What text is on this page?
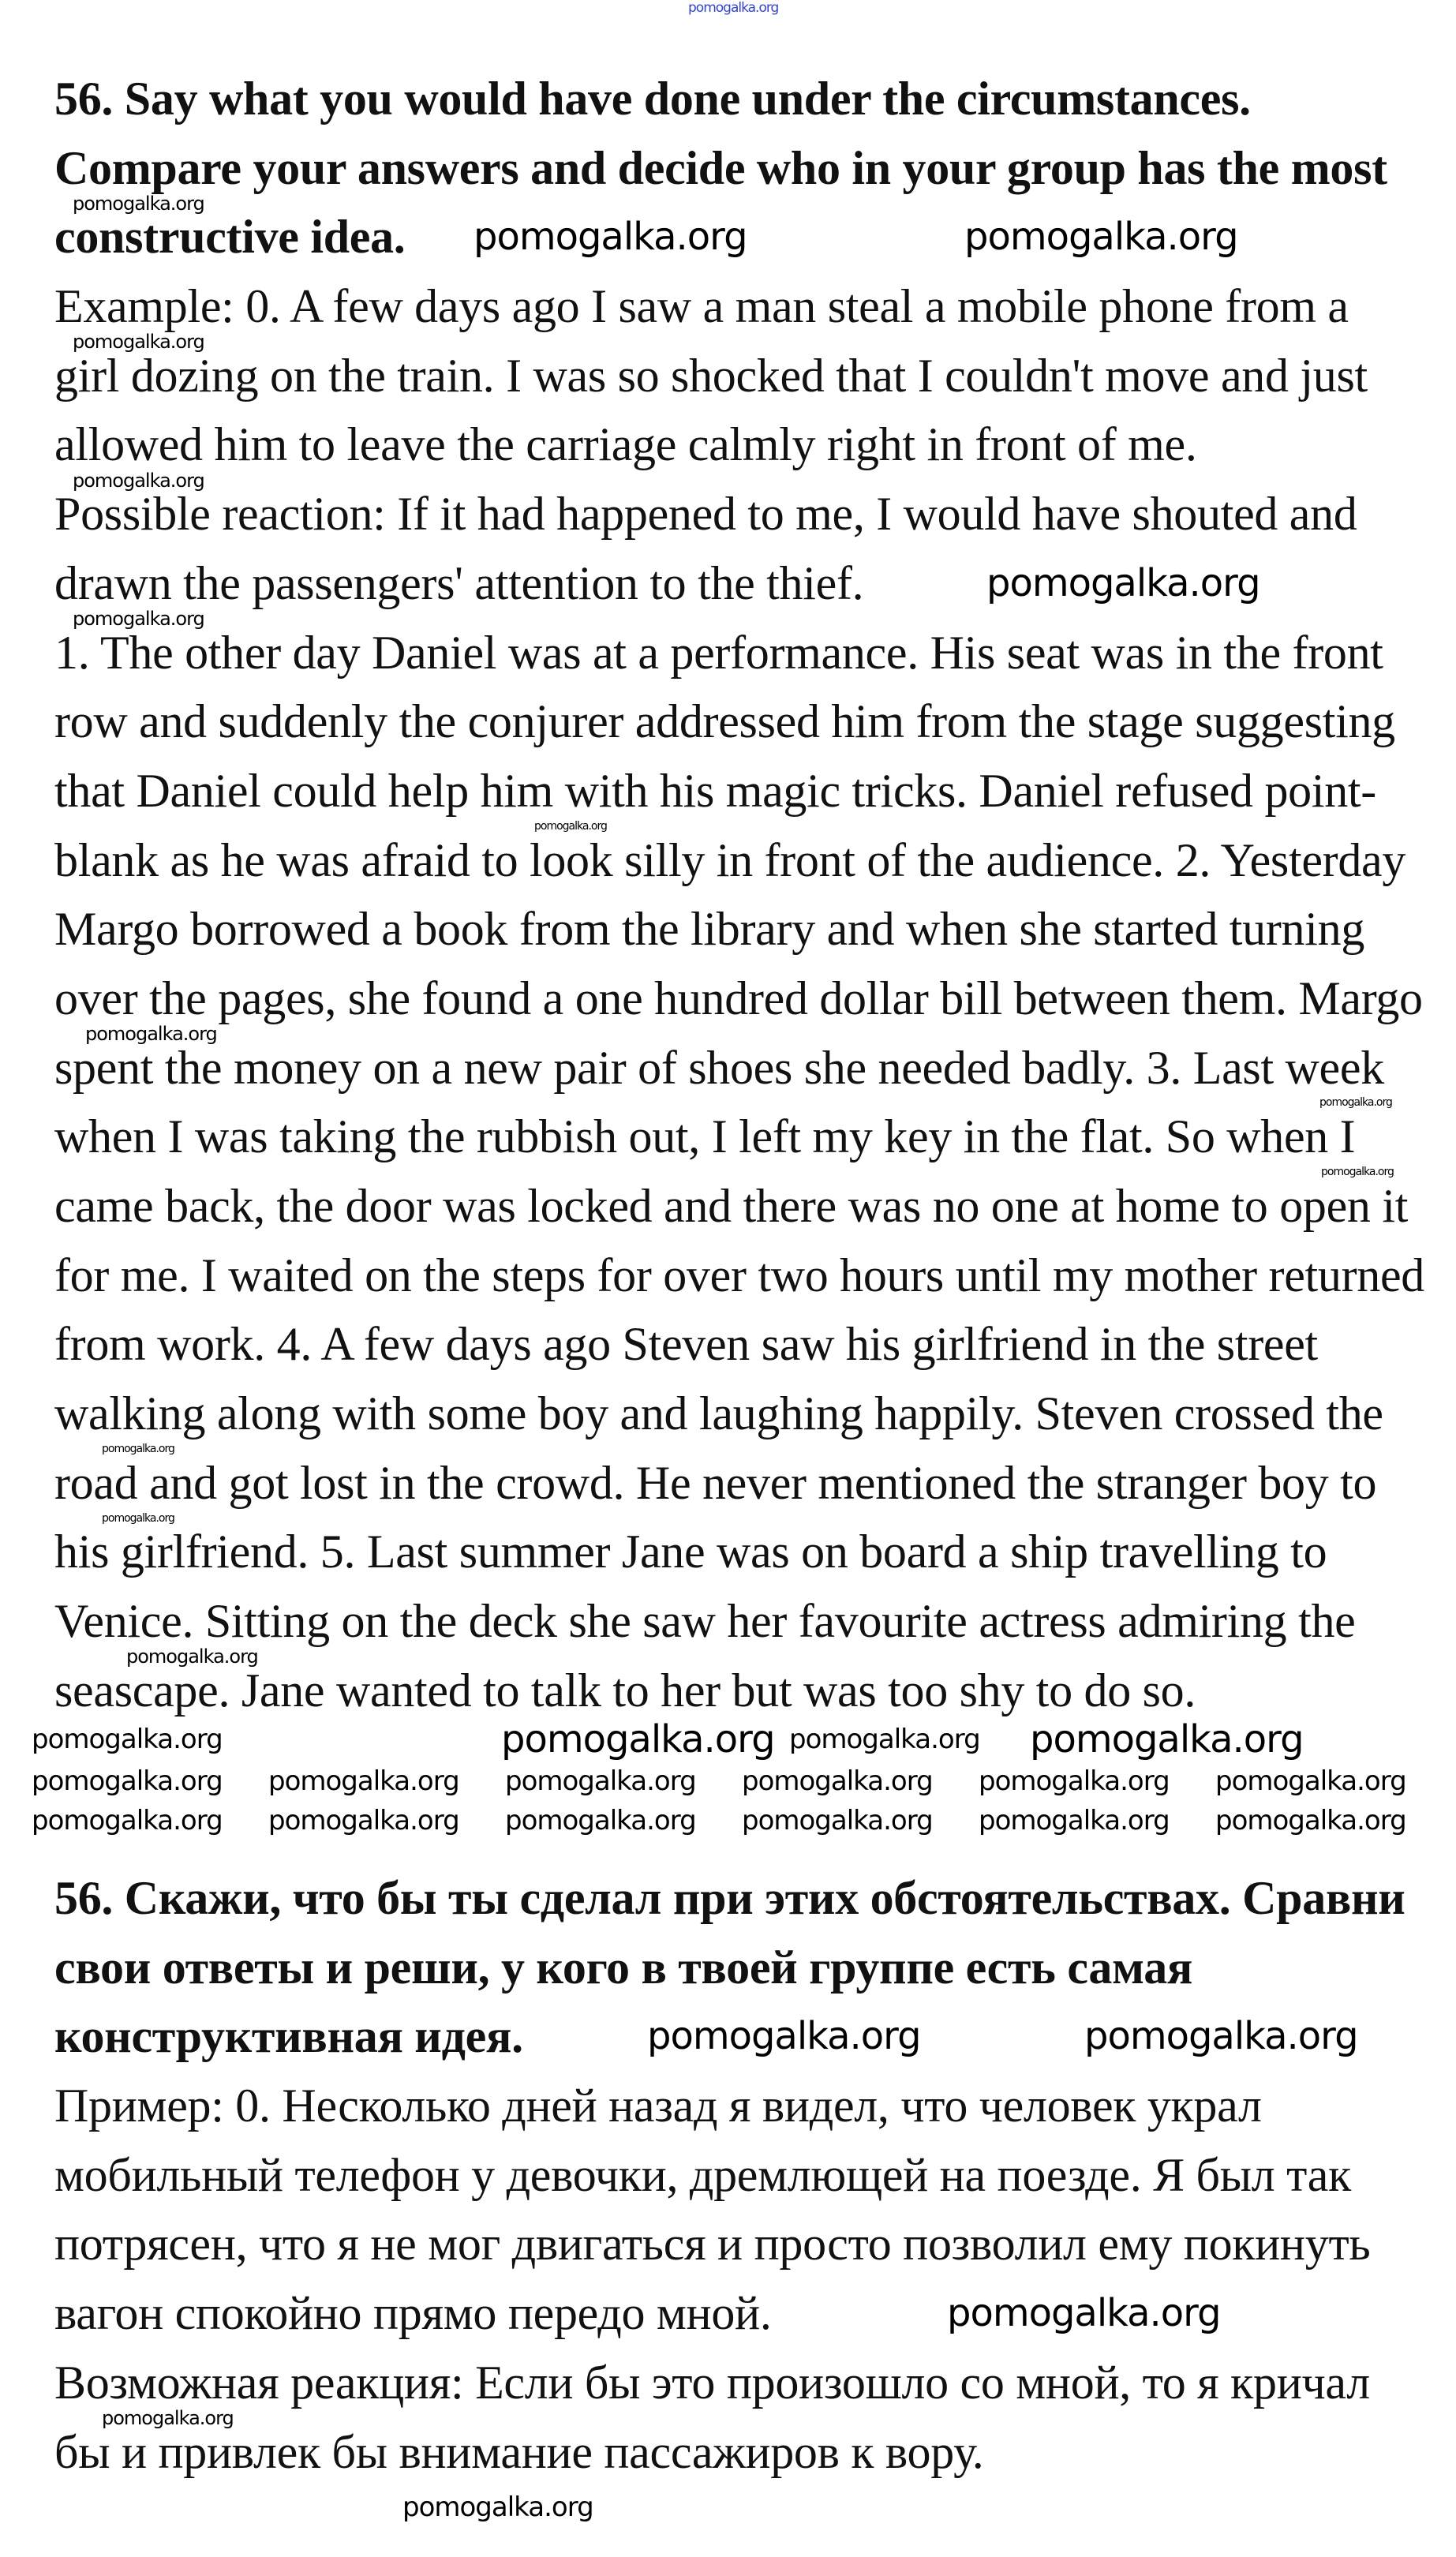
56. Say what you would have done under the circumstances.
Compare your answers and decide who in your group has the most
constructive idea.
Example: 0. A few days ago I saw a man steal a mobile phone from a
girl dozing on the train. I was so shocked that I couldn't move and just
allowed him to leave the carriage calmly right in front of me.
Possible reaction: If it had happened to me, I would have shouted and
drawn the passengers' attention to the thief.
1. The other day Daniel was at a performance. His seat was in the front
row and suddenly the conjurer addressed him from the stage suggesting
that Daniel could help him with his magic tricks. Daniel refused point-
blank as he was afraid to look silly in front of the audience. 2. Yesterday
Margo borrowed a book from the library and when she started turning
over the pages, she found a one hundred dollar bill between them. Margo
spent the money on a new pair of shoes she needed badly. 3. Last week
when I was taking the rubbish out, I left my key in the flat. So when I
came back, the door was locked and there was no one at home to open it
for me. I waited on the steps for over two hours until my mother returned
from work. 4. A few days ago Steven saw his girlfriend in the street
walking along with some boy and laughing happily. Steven crossed the
road and got lost in the crowd. He never mentioned the stranger boy to
his girlfriend. 5. Last summer Jane was on board a ship travelling to
Venice. Sitting on the deck she saw her favourite actress admiring the
seascape. Jane wanted to talk to her but was too shy to do so.
56. Скажи, что бы ты сделал при этих обстоятельствах. Сравни
свои ответы и реши, у кого в твоей группе есть самая
конструктивная идея.
Пример: 0. Несколько дней назад я видел, что человек украл
мобильный телефон у девочки, дремлющей на поезде. Я был так
потрясен, что я не мог двигаться и просто позволил ему покинуть
вагон спокойно прямо передо мной.
Возможная реакция: Если бы это произошло со мной, то я кричал
бы и привлек бы внимание пассажиров к вору.
pomogalka.org
pomogalka.org	pomogalka.org
pomogalka.org
pomogalka.org	pomogalka.org
pomogalka.org	pomogalka.org
pomogalka.org
pomogalka.org	pomogalka.org
pomogalka.org pomogalka.org pomogalka.org pomogalka.org pomogalka.org pomogalka.org
pomogalka.org pomogalka.org pomogalka.org pomogalka.org pomogalka.org pomogalka.org
pomogalka.org
pomogalka.org
pomogalka.org
pomogalka.org
pomogalka.org
pomogalka.org
pomogalka.org
pomogalka.org
pomogalka.org
pomogalka.org
pomogalka.org
pomogalka.org
pomogalka.org
